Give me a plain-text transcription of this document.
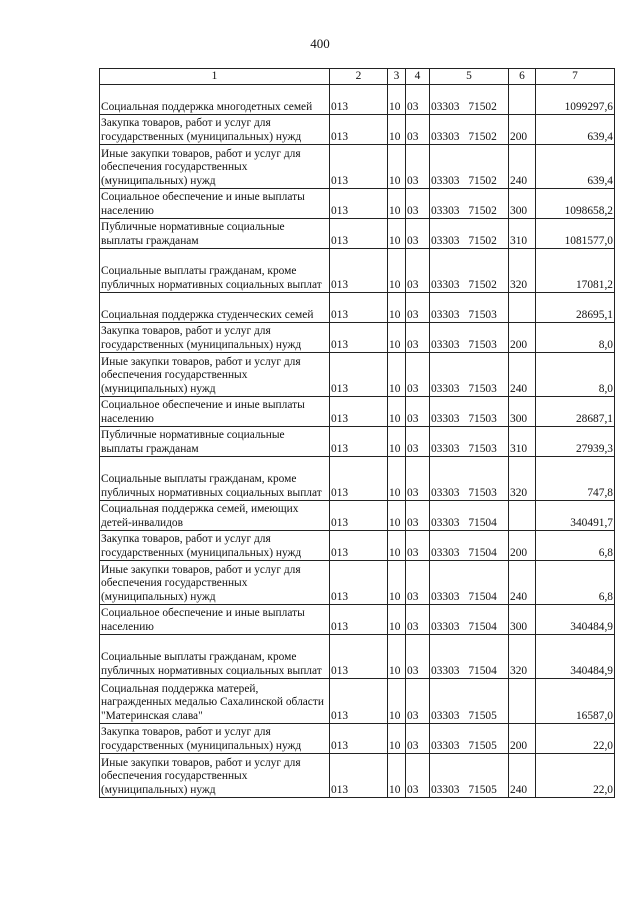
400
1	2	3	4	5	6	7
Социальная поддержка многодетных семей	013	10	03	03303 71502		1099297,6
Закупка товаров, работ и услуг для государственных (муниципальных) нужд	013	10	03	03303 71502	200	639,4
Иные закупки товаров, работ и услуг для обеспечения государственных (муниципальных) нужд	013	10	03	03303 71502	240	639,4
Социальное обеспечение и иные выплаты населению	013	10	03	03303 71502	300	1098658,2
Публичные нормативные социальные выплаты гражданам	013	10	03	03303 71502	310	1081577,0
Социальные выплаты гражданам, кроме публичных нормативных социальных выплат	013	10	03	03303 71502	320	17081,2
Социальная поддержка студенческих семей	013	10	03	03303 71503		28695,1
Закупка товаров, работ и услуг для государственных (муниципальных) нужд	013	10	03	03303 71503	200	8,0
Иные закупки товаров, работ и услуг для обеспечения государственных (муниципальных) нужд	013	10	03	03303 71503	240	8,0
Социальное обеспечение и иные выплаты населению	013	10	03	03303 71503	300	28687,1
Публичные нормативные социальные выплаты гражданам	013	10	03	03303 71503	310	27939,3
Социальные выплаты гражданам, кроме публичных нормативных социальных выплат	013	10	03	03303 71503	320	747,8
Социальная поддержка семей, имеющих детей-инвалидов	013	10	03	03303 71504		340491,7
Закупка товаров, работ и услуг для государственных (муниципальных) нужд	013	10	03	03303 71504	200	6,8
Иные закупки товаров, работ и услуг для обеспечения государственных (муниципальных) нужд	013	10	03	03303 71504	240	6,8
Социальное обеспечение и иные выплаты населению	013	10	03	03303 71504	300	340484,9
Социальные выплаты гражданам, кроме публичных нормативных социальных выплат	013	10	03	03303 71504	320	340484,9
Социальная поддержка матерей, награжденных медалью Сахалинской области "Материнская слава"	013	10	03	03303 71505		16587,0
Закупка товаров, работ и услуг для государственных (муниципальных) нужд	013	10	03	03303 71505	200	22,0
Иные закупки товаров, работ и услуг для обеспечения государственных (муниципальных) нужд	013	10	03	03303 71505	240	22,0
